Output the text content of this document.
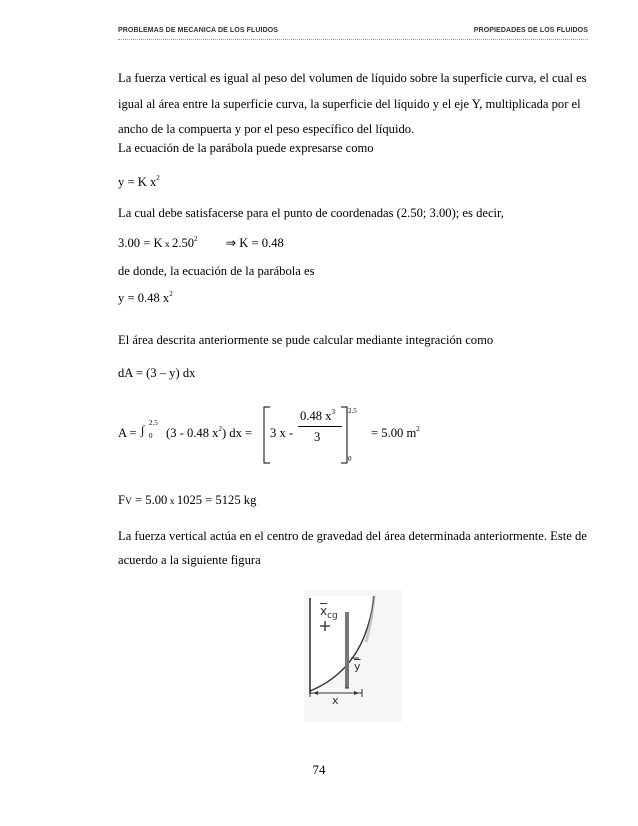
PROBLEMAS DE MECANICA DE LOS FLUIDOS	PROPIEDADES DE LOS FLUIDOS
La fuerza vertical es igual al peso del volumen de líquido sobre la superficie curva, el cual es
igual al área entre la superficie curva, la superficie del líquido y el eje Y, multiplicada por el
ancho de la compuerta y por el peso específico del líquido.
La ecuación de la parábola puede expresarse como
y = K $x^2$
La cual debe satisfacerse para el punto de coordenadas (2.50; 3.00); es decir,
3.00 = K x 2.50$^2$ ⇒ K = 0.48
de donde, la ecuación de la parábola es
y = 0.48 $x^2$
El área descrita anteriormente se pude calcular mediante integración como
dA = (3 – y) dx
A = ∫ 2.5
0 (3 - 0.48 $x^2$) dx = 3 x -
0.48 $x^3$
3
2.5
0
= 5.00 $m^2$
FV = 5.00 x 1025 = 5125 kg
La fuerza vertical actúa en el centro de gravedad del área determinada anteriormente. Este de
acuerdo a la siguiente figura
$\overline{x}_{cg}$
$\overline{y}$
x
74
